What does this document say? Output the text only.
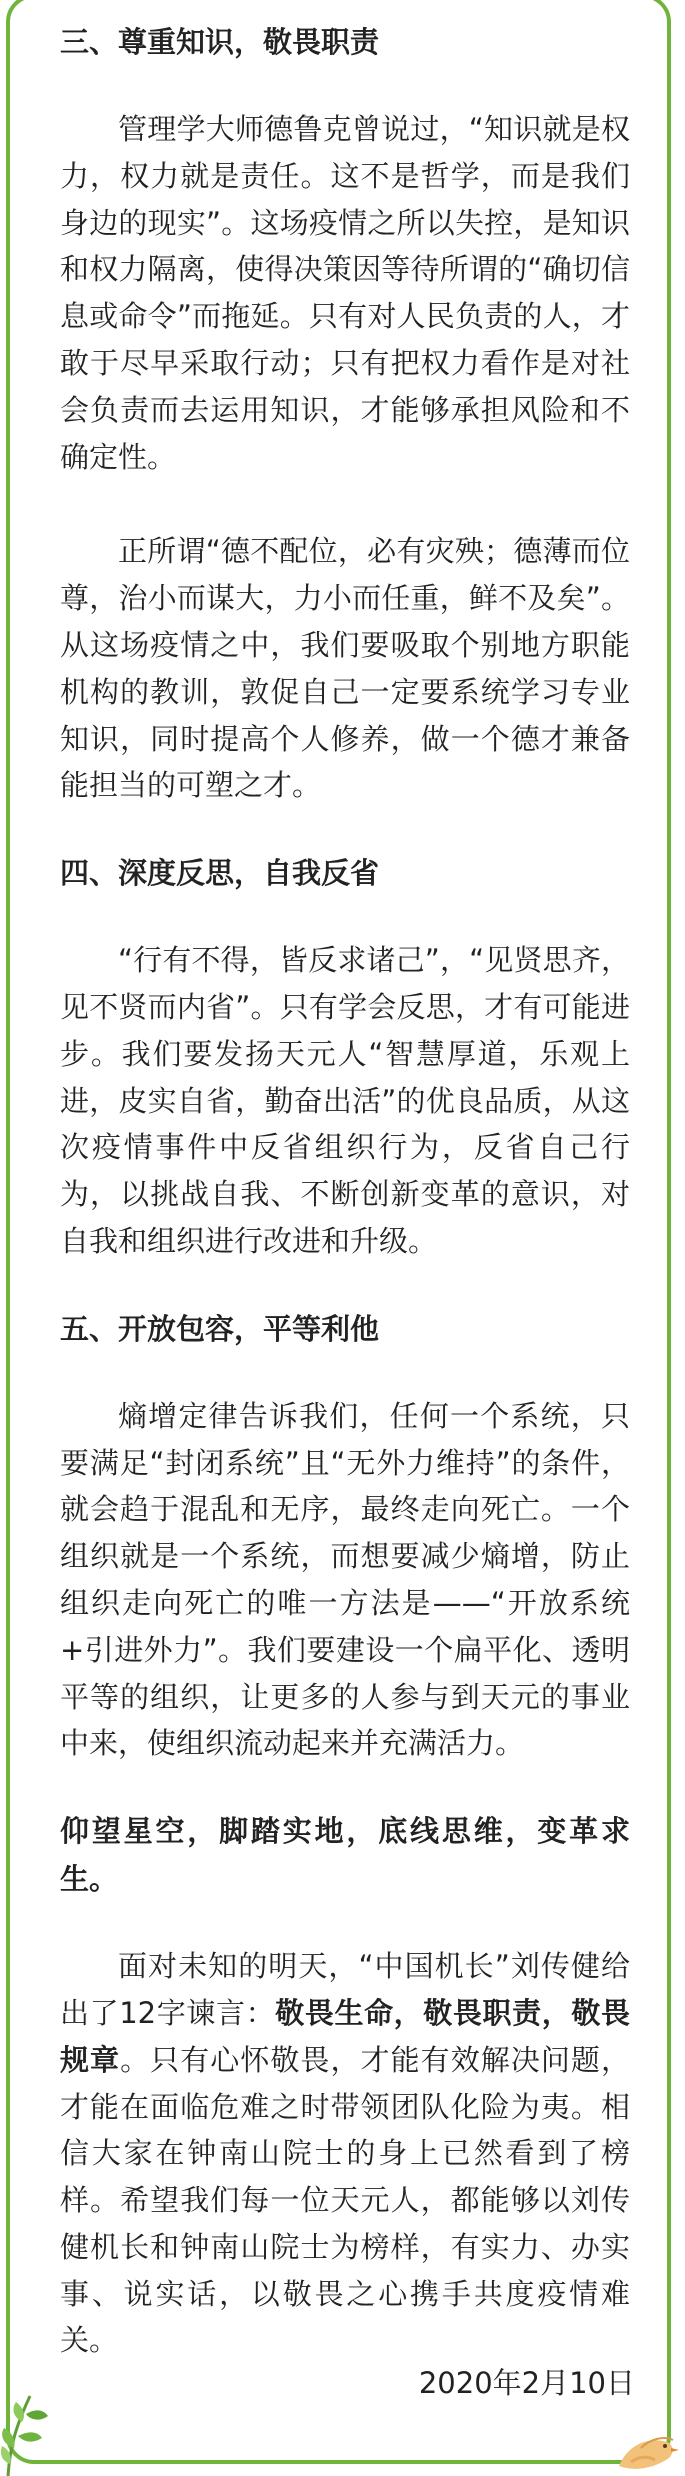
三、尊重知识，敬畏职责

管理学大师德鲁克曾说过，“知识就是权力，权力就是责任。这不是哲学，而是我们身边的现实”。这场疫情之所以失控，是知识和权力隔离，使得决策因等待所谓的“确切信息或命令”而拖延。只有对人民负责的人，才敢于尽早采取行动；只有把权力看作是对社会负责而去运用知识，才能够承担风险和不确定性。

正所谓“德不配位，必有灾殃；德薄而位尊，治小而谋大，力小而任重，鲜不及矣”。从这场疫情之中，我们要吸取个别地方职能机构的教训，敦促自己一定要系统学习专业知识，同时提高个人修养，做一个德才兼备能担当的可塑之才。

四、深度反思，自我反省

“行有不得，皆反求诸己”，“见贤思齐，见不贤而内省”。只有学会反思，才有可能进步。我们要发扬天元人“智慧厚道，乐观上进，皮实自省，勤奋出活”的优良品质，从这次疫情事件中反省组织行为，反省自己行为，以挑战自我、不断创新变革的意识，对自我和组织进行改进和升级。

五、开放包容，平等利他

熵增定律告诉我们，任何一个系统，只要满足“封闭系统”且“无外力维持”的条件，就会趋于混乱和无序，最终走向死亡。一个组织就是一个系统，而想要减少熵增，防止组织走向死亡的唯一方法是——“开放系统+引进外力”。我们要建设一个扁平化、透明平等的组织，让更多的人参与到天元的事业中来，使组织流动起来并充满活力。

仰望星空，脚踏实地，底线思维，变革求生。

面对未知的明天，“中国机长”刘传健给出了12字谏言：敬畏生命，敬畏职责，敬畏规章。只有心怀敬畏，才能有效解决问题，才能在面临危难之时带领团队化险为夷。相信大家在钟南山院士的身上已然看到了榜样。希望我们每一位天元人，都能够以刘传健机长和钟南山院士为榜样，有实力、办实事、说实话，以敬畏之心携手共度疫情难关。

2020年2月10日
